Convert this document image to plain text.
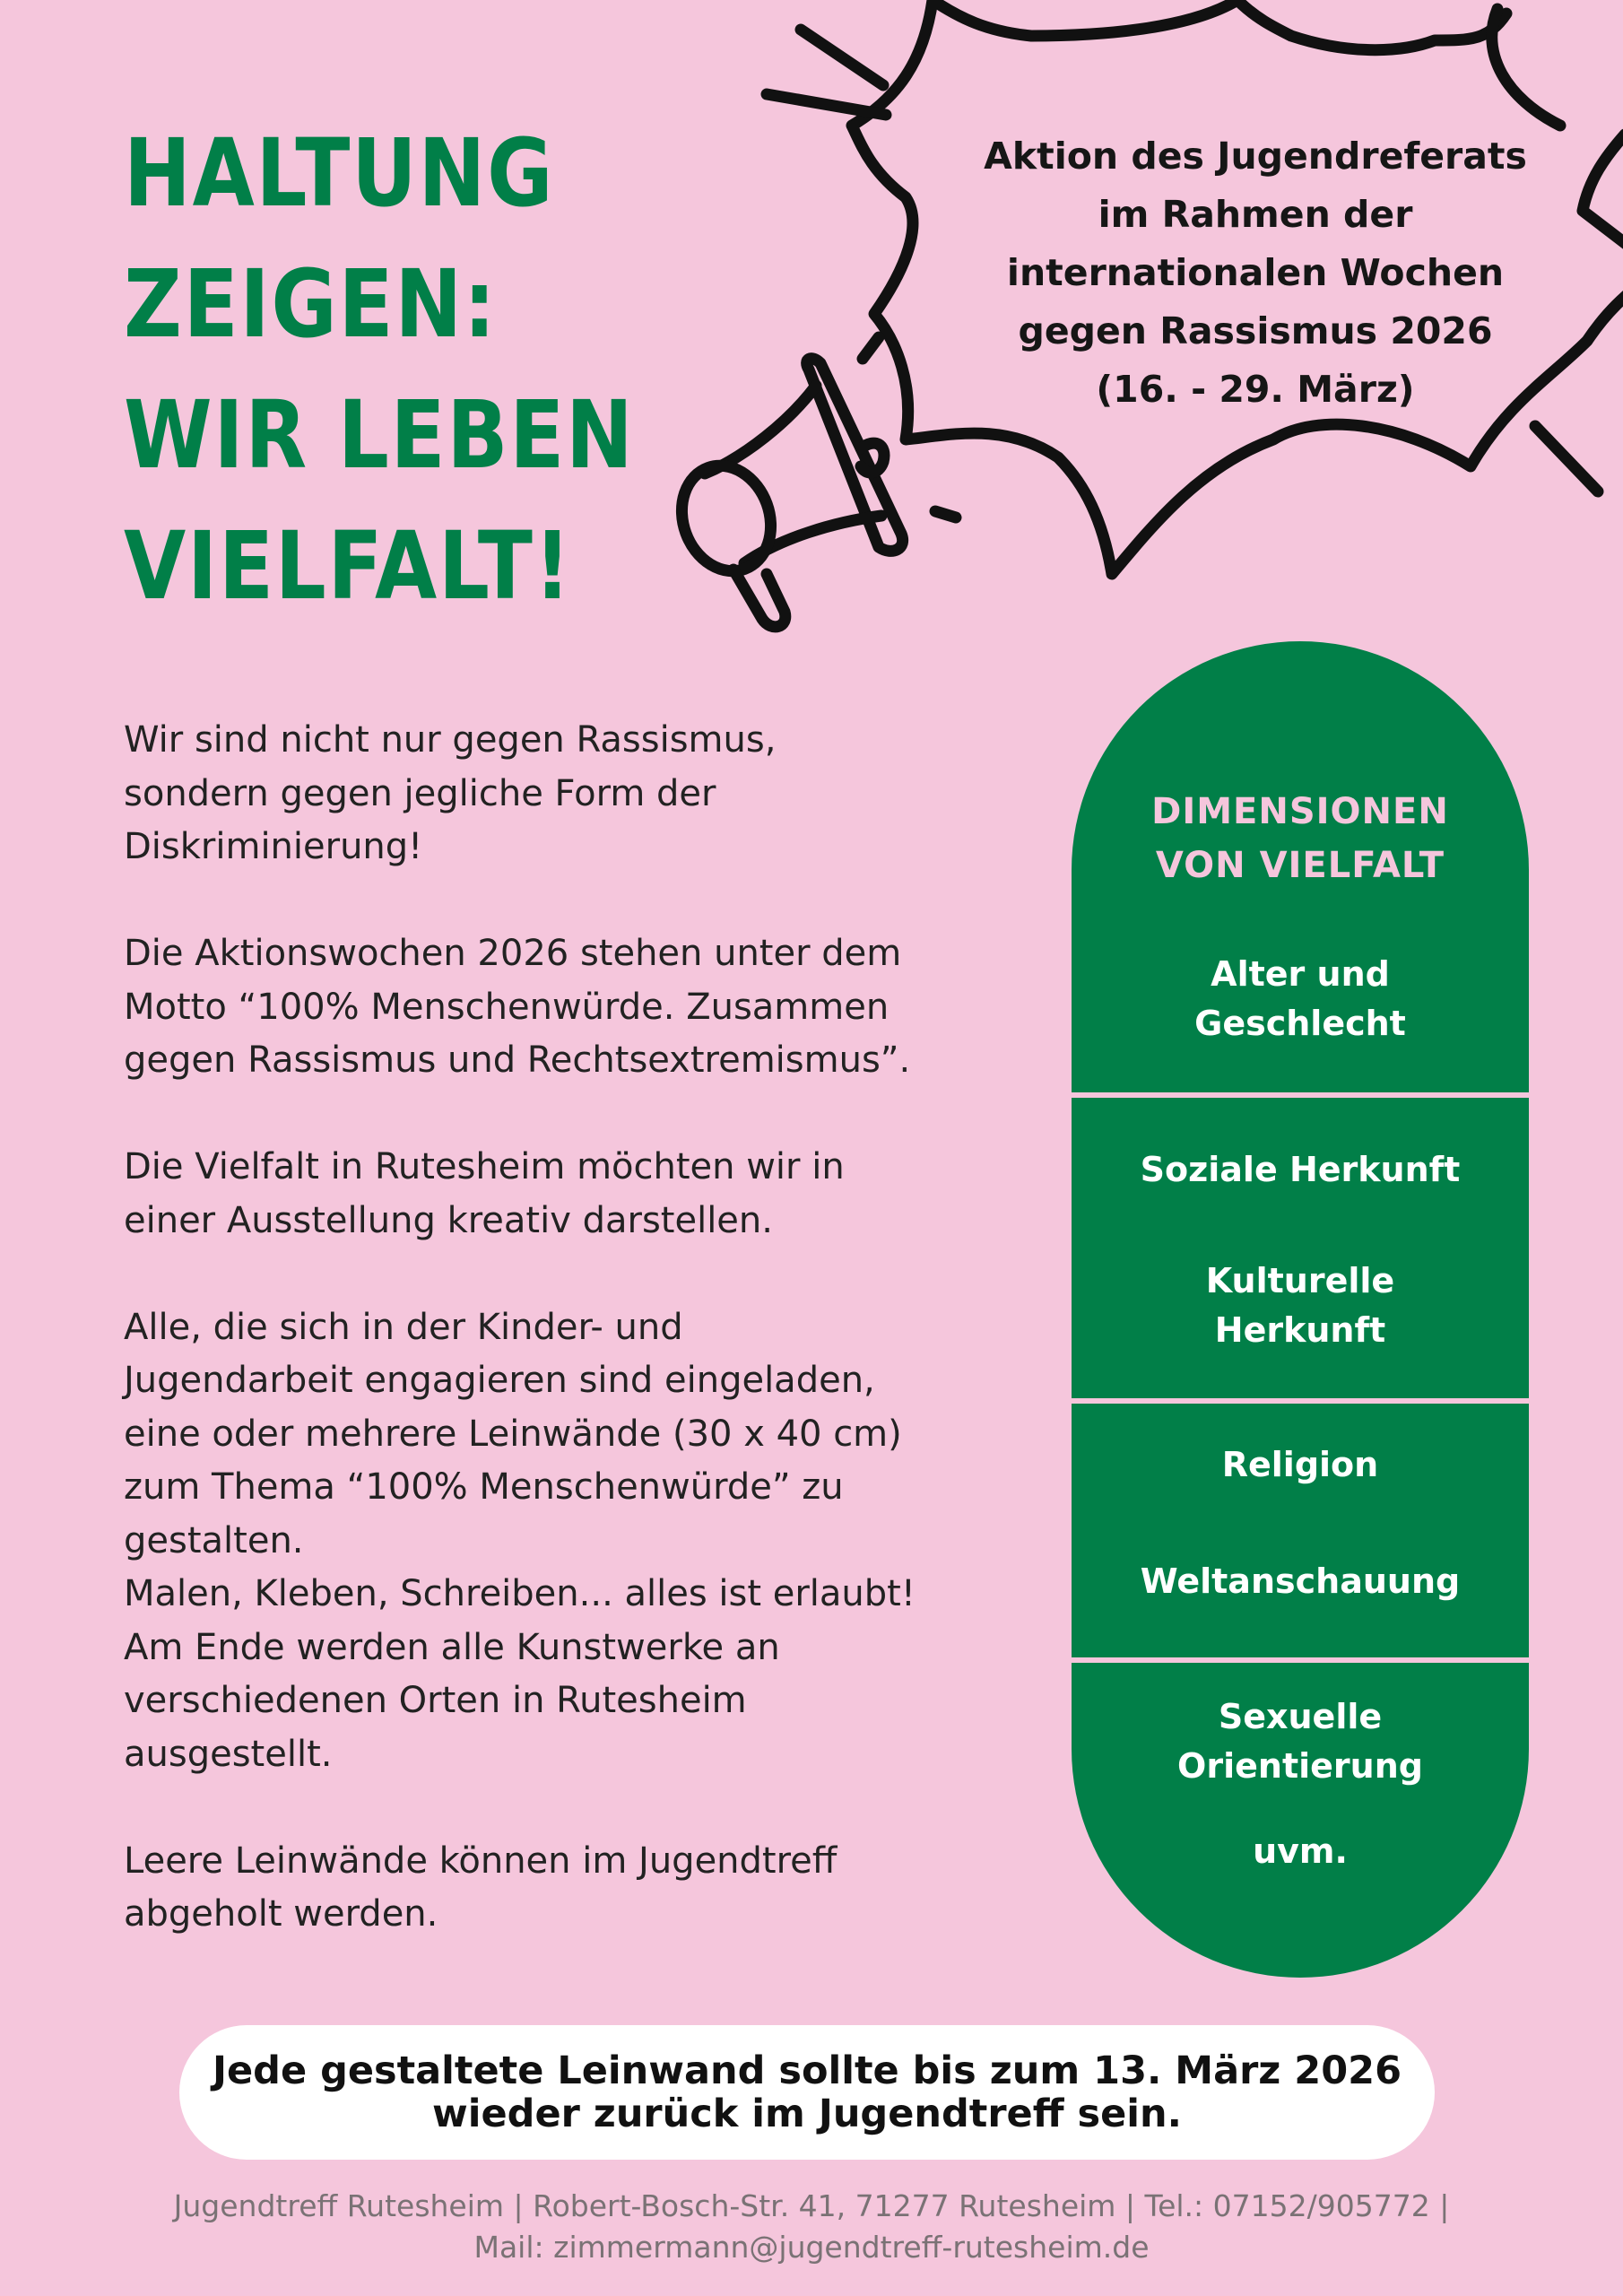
HALTUNG
ZEIGEN:
WIR LEBEN
VIELFALT!
Aktion des Jugendreferats
im Rahmen der
internationalen Wochen
gegen Rassismus 2026
(16. - 29. März)

Wir sind nicht nur gegen Rassismus,
sondern gegen jegliche Form der
Diskriminierung!

Die Aktionswochen 2026 stehen unter dem
Motto “100% Menschenwürde. Zusammen
gegen Rassismus und Rechtsextremismus”.

Die Vielfalt in Rutesheim möchten wir in
einer Ausstellung kreativ darstellen.

Alle, die sich in der Kinder- und
Jugendarbeit engagieren sind eingeladen,
eine oder mehrere Leinwände (30 x 40 cm)
zum Thema “100% Menschenwürde” zu
gestalten.

Malen, Kleben, Schreiben... alles ist erlaubt!
Am Ende werden alle Kunstwerke an
verschiedenen Orten in Rutesheim
ausgestellt.

Leere Leinwände können im Jugendtreff
abgeholt werden.

DIMENSIONEN
VON VIELFALT
Alter und
Geschlecht
Soziale Herkunft
Kulturelle
Herkunft
Religion
Weltanschauung
Sexuelle
Orientierung
uvm.
Jede gestaltete Leinwand sollte bis zum 13. März 2026
wieder zurück im Jugendtreff sein.
Jugendtreff Rutesheim | Robert-Bosch-Str. 41, 71277 Rutesheim | Tel.: 07152/905772 |
Mail: zimmermann@jugendtreff-rutesheim.de
